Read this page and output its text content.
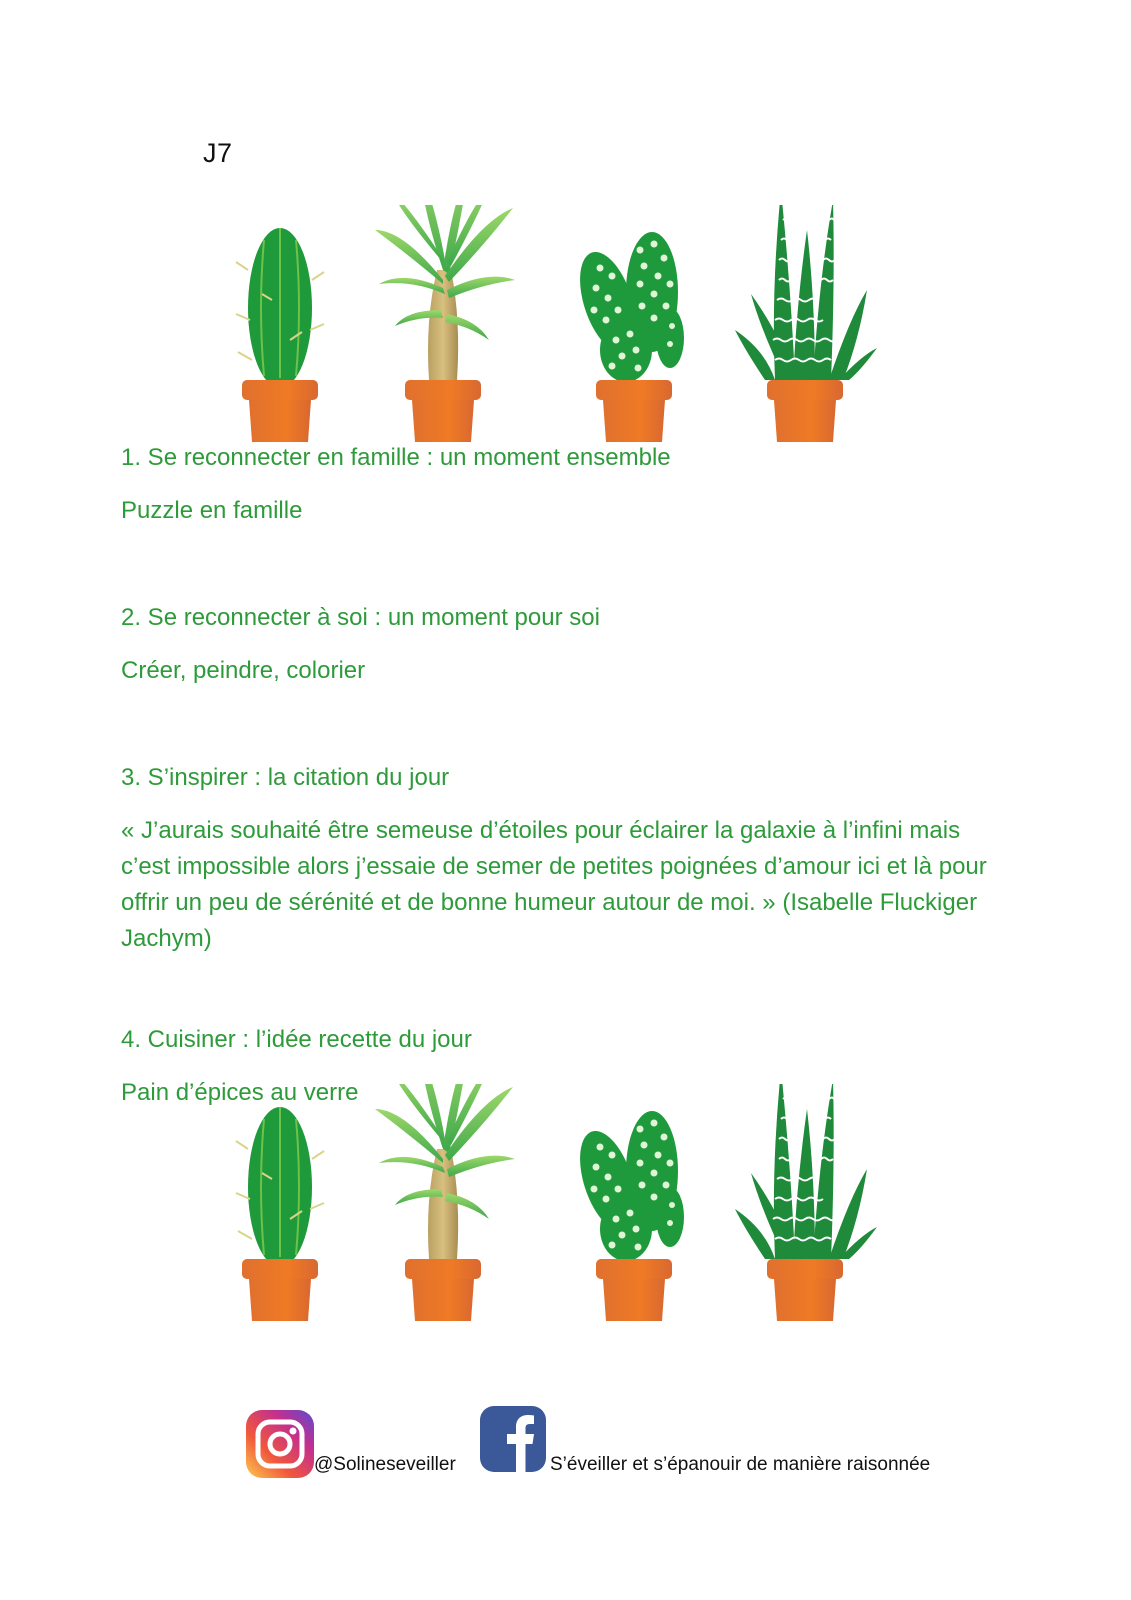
J7
1. Se reconnecter en famille : un moment ensemble
Puzzle en famille
2. Se reconnecter à soi : un moment pour soi
Créer, peindre, colorier
3. S’inspirer : la citation du jour
« J’aurais souhaité être semeuse d’étoiles pour éclairer la galaxie à l’infini mais c’est impossible alors j’essaie de semer de petites poignées d’amour ici et là pour offrir un peu de sérénité et de bonne humeur autour de moi. » (Isabelle Fluckiger Jachym)
4. Cuisiner : l’idée recette du jour
Pain d’épices au verre
@Solineseveiller	S’éveiller et s’épanouir de manière raisonnée
